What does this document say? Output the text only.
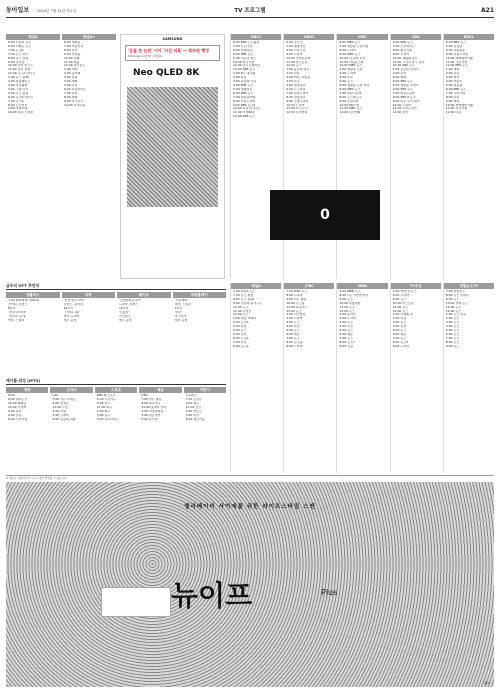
동아일보 2024년 7월 11일 목요일	TV 프로그램	A21
채널A
6:00 서울톡 뉴스
6:00 이제는 뉴스
7:00 뉴스A
7:30 뉴스 큐브
8:00 뉴스 탑텐
9:00 강적들
10:00 아이 퍼스트
11:00 쇼킹 선행
12:00 뉴스A 라이브
1:00 뉴스 톱10
2:00 핫플레이스
3:00 작전회의
4:00 그날 다시
5:00 뉴스 올킬
6:00 뉴스A 라이브
7:00 뉴스A
8:00 도시어부
9:00 강철부대
10:00 다큐 스페셜
채널A+
6:00 재방송
7:00 부동산톡
8:00 특선
9:00 아이돌
10:00 여행
11:00 배틀
12:00 탐사보도
1:00 재방
2:00 음악회
3:00 다큐
4:00 영화
5:00 특집
6:00 하이라이트
7:00 특선
8:00 재방
9:00 다시보기
10:00 특집다큐
SAMSUNG
'돈을 쓴 논란' 이어 '사진 의혹'··· 특파원 행정
Channel A 밤 8시 채널A
Neo QLED 8K
KBS1
6:00 KBS 뉴스광장
7:00 인간극장
8:00 아침마당
9:00 KBS 뉴스
9:40 이웃집 찰스
10:30 한국기행
11:00 전국노래자랑
12:00 KBS 뉴스
1:00 6시 내고향
2:00 다큐
3:00 사랑의 가족
4:00 KBS 뉴스
5:00 생생정보
6:00 KBS 뉴스
7:00 열린음악회
8:00 일일드라마
9:00 KBS 뉴스9
10:00 다큐 인사이트
11:00 추적60분
12:00 KBS 뉴스
KBS2
6:00 굿모닝
7:00 생생정보
8:00 아침극장
9:00 드라마
10:00 연예가중계
11:00 편스토랑
12:00 뉴스
1:00 불후의 명곡
2:00 다큐
3:00 TV는 사랑을
4:00 특집
5:00 생생정보
6:00 뉴스타임
7:00 일일드라마
8:00 생생정보
9:00 주말드라마
10:00 드라마
11:00 더 시즌즈
12:00 심야영화
MBC
6:00 MBC 뉴스
7:00 생방송 오늘아침
8:00 드라마
9:00 MBC 뉴스
10:00 나 혼자 산다
11:00 라디오스타
12:00 MBC 뉴스
1:00 생방송 오늘
2:00 드라마
3:00 특선
4:00 뉴스
5:00 생방송 오늘 저녁
6:00 MBC 뉴스
7:00 일일드라마
8:00 뉴스데스크
9:00 특선다큐
10:00 PD수첩
11:00 MBC 뉴스
12:00 특선영화
SBS
6:00 SBS 뉴스
7:00 모닝와이드
8:00 좋은아침
9:00 드라마
10:00 생활의 달인
11:00 그것이 알고 싶다
12:00 SBS 뉴스
1:00 궁금한 이야기
2:00 특선
3:00 영화
4:00 SBS 뉴스
5:00 생방송 투데이
6:00 SBS 뉴스
7:00 일일드라마
8:00 SBS 8 뉴스
9:00 미운 우리 새끼
10:00 드라마
11:00 나이트라인
12:00 특선
EBS1
6:00 EBS 뉴스
7:00 딩동댕
8:00 교육방송
9:00 다큐프라임
10:00 세계테마기행
11:00 극한직업
12:00 EBS 뉴스
1:00 명의
2:00 다큐
3:00 영어
4:00 어린이
5:00 딩동댕
6:00 EBS 뉴스
7:00 극한직업
8:00 다큐
9:00 명의
10:00 세계테마기행
11:00 한국기행
12:00 다큐
0
금주의 OTT 추천작
넷플릭스
'나의 해리에게' (2024)
코미디, 로맨스
8부작
'경성크리처2'
'정년이' 공개
액션, 스릴러
티빙
'선재 업고 튀어'
로맨스, 판타지
16부작
'스터디그룹'
액션 드라마
매주 공개
웨이브
'모텔캘리포니아'
드라마, 로맨스
12부작
'보물섬'
서스펜스
매주 공개
쿠팡플레이
'가족계획'
액션, 스릴러
6부작
'안나'
미스터리
전편 공개
케이블·위성 (IPTV)
영화
OCN
8:00 범죄도시
10:00 베테랑
12:00 신세계
2:00 암살
4:00 밀정
6:00 극한직업
드라마
tvN
7:00 작은 아씨들
9:00 빈센조
11:00 무빙
1:00 미생
3:00 도깨비
5:00 눈물의 여왕
스포츠
KBS N 스포츠
6:30 프로야구
9:00 골프
11:00 축구
1:00 배구
3:00 농구
5:00 하이라이트
예능
JTBC
7:00 아는 형님
9:00 최강야구
11:00 뭉쳐야 찬다
1:00 비정상회담
3:00 히든싱어
5:00 슈가맨
어린이
투니버스
7:00 포켓몬
9:00 짱구
11:00 코난
1:00 뽀로로
3:00 타요
5:00 헬로카봇
채널A
7:00 채널A 뉴스
7:30 뉴스 현장
8:00 뉴스 톱10
9:00 김진의 돌직구쇼
10:00 뉴스
11:00 강적들
12:00 뉴스
1:00 현장 카메라
2:00 뉴스A
3:00 다큐
4:00 뉴스
5:00 특선
6:00 뉴스A
7:00 특집
8:00 뉴스A
JTBC
7:00 JTBC 뉴스
8:00 드라마
9:00 아는 형님
10:00 뉴스룸
11:00 최강야구
12:00 뉴스
1:00 사건반장
2:00 드라마
3:00 뉴스
4:00 특선
5:00 뉴스
6:00 예능
7:00 뉴스
8:00 뉴스룸
9:00 드라마
MBN
7:00 MBN 뉴스
8:00 나는 자연인이다
9:00 뉴스
10:00 특종세상
11:00 뉴스
12:00 뉴스
1:00 동치미
2:00 드라마
3:00 뉴스
4:00 특선
5:00 뉴스
6:00 예능
7:00 뉴스
8:00 뉴스7
9:00 특집
TV조선
7:00 TV조선 뉴스
8:00 드라마
9:00 뉴스
10:00 미스트롯
11:00 뉴스
12:00 뉴스
1:00 아내의 맛
2:00 특집
3:00 뉴스
4:00 특선
5:00 뉴스
6:00 예능
7:00 뉴스
8:00 뉴스9
9:00 드라마
연합뉴스TV
7:00 연합뉴스
8:00 뉴스 투데이
9:00 뉴스
10:00 경제 뉴스
11:00 뉴스
12:00 뉴스
1:00 뉴스 속보
2:00 뉴스
3:00 뉴스
4:00 뉴스
5:00 뉴스
6:00 뉴스
7:00 뉴스
8:00 뉴스
9:00 뉴스
※ 방송사 사정에 따라 프로그램이 변경될 수 있습니다.
엘리베이터 사이에를 위한 라이프스타일 스캔
뉴이프	Plus
광고
